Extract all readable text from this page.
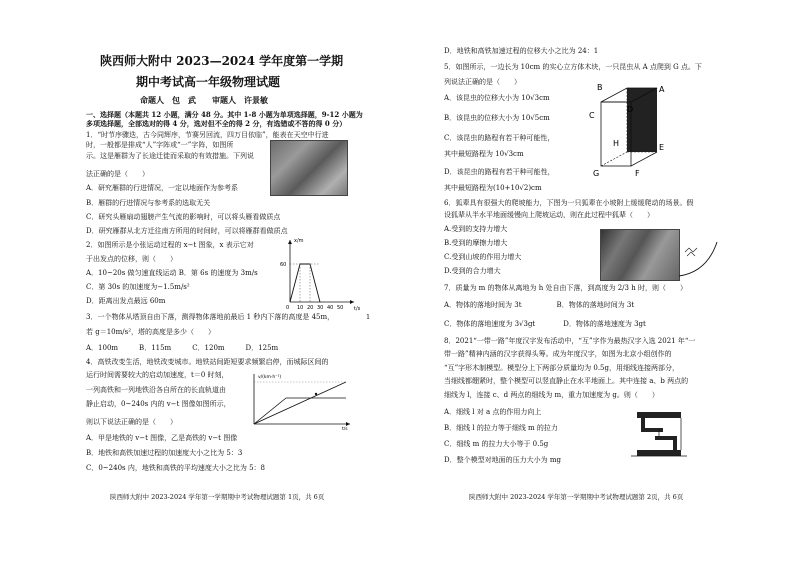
陕西师大附中 2023—2024 学年度第一学期
期中考试高一年级物理试题
命题人　包　武　　审题人　许景敏
一、选择题（本题共 12 小题，满分 48 分。其中 1-8 小题为单项选择题，9-12 小题为
多项选择题，全部选对的得 4 分，选对但不全的得 2 分，有选错或不答的得 0 分）
1．“时节序骤迭，古今同辉序，节赛另回流，四万目依临”，能表在天空中行进
时，一般都是排成“人”字阵或“一”字阵，如图所
示。这是雁群为了长途迁徙而采取的有效措施。下列说
法正确的是（　　）
A．研究雁群的行进情况，一定以地面作为参考系
B．雁群的行进情况与参考系的选取无关
C．研究头雁扇动翅膀产生气流的影响时，可以将头雁看做质点
D．研究雁群从北方迁往南方所用的时间时，可以将雁群看做质点
2．如图所示是小张运动过程的 x−t 图象，x 表示它对
于出发点的位移，则（　　）
A．10~20s 做匀速直线运动 B．第 6s 的速度为 3m/s
C．第 30s 的加速度为−1.5m/s²
D．距离出发点最远 60m
x/m
t/s
0 10 20 30 40 50
60
3．一个物体从塔顶自由下落，测得物体落地前最后 1 秒内下落的高度是 45m，
若 g＝10m/s²，塔的高度是多少（　　）
A．100m　　　B．115m　　　C．120m　　　D．125m
4．高铁改变生活，地铁改变城市。地铁站间距短要求频繁启停，而城际区间的
运行时间需要较大的启动加速度，t＝0 时刻，
一列高铁和一列地铁沿各自所在的长直轨道由
静止启动，0~240s 内的 v−t 图像如图所示，
则以下说法正确的是（　　）
A．甲是地铁的 v−t 图像，乙是高铁的 v−t 图像
B．地铁和高铁加速过程的加速度大小之比为 5：3
C．0~240s 内，地铁和高铁的平均速度大小之比为 5：8
v/(km·h⁻¹)
t/s
陕西师大附中 2023-2024 学年第一学期期中考试物理试题第 1页，共 6页
1
D．地铁和高铁加速过程的位移大小之比为 24：1
5．如图所示，一边长为 10cm 的实心立方体木块，一只昆虫从 A 点爬到 G 点。下
列说法正确的是（　　）
A．该昆虫的位移大小为 10√3cm
B．该昆虫的位移大小为 10√5cm
C．该昆虫的路程有若干种可能性，
其中最短路程为 10√3cm
D．该昆虫的路程有若干种可能性，
其中最短路程为(10+10√2)cm
B	A
C
D
H	E
G	F
6．狐辈具有很强大的爬坡能力，下图为一只狐辈在小坡附上缓缓爬动的场景。假
设狐辈从半水平地面缓慢向上爬坡运动，则在此过程中狐辈（　　）
A.受到的支持力增大
B.受到的摩擦力增大
C.受到山坡的作用力增大
D.受到的合力增大
7．质量为 m 的物体从离地为 h 处自由下落，到高度为 2/3 h 时，则（　　）
A．物体的落地时间为 3t　　　　　B．物体的落地时间为 3t
C．物体的落地速度为 3√3gt　　　　D．物体的落地速度为 3gt
8．2021“一带一路”年度汉字发布活动中，“互”字作为最热汉字入选 2021 年“一
带一路”精神内涵的汉字获得头筹。成为年度汉字，如图为北京小组创作的
“互”字形木制模型。模型分上下两部分质量均为 0.5g，用细线连接两部分，
当细线都绷紧时，整个模型可以竖直静止在水平地面上。其中连接 a、b 两点的
细线为 l，连接 c、d 两点的细线为 m，重力加速度为 g。则（　　）
A．细线 l 对 a 点的作用力向上
B．细线 l 的拉力等于细线 m 的拉力
C．细线 m 的拉力大小等于 0.5g
D．整个模型对地面的压力大小为 mg
陕西师大附中 2023-2024 学年第一学期期中考试物理试题第 2页，共 6页
